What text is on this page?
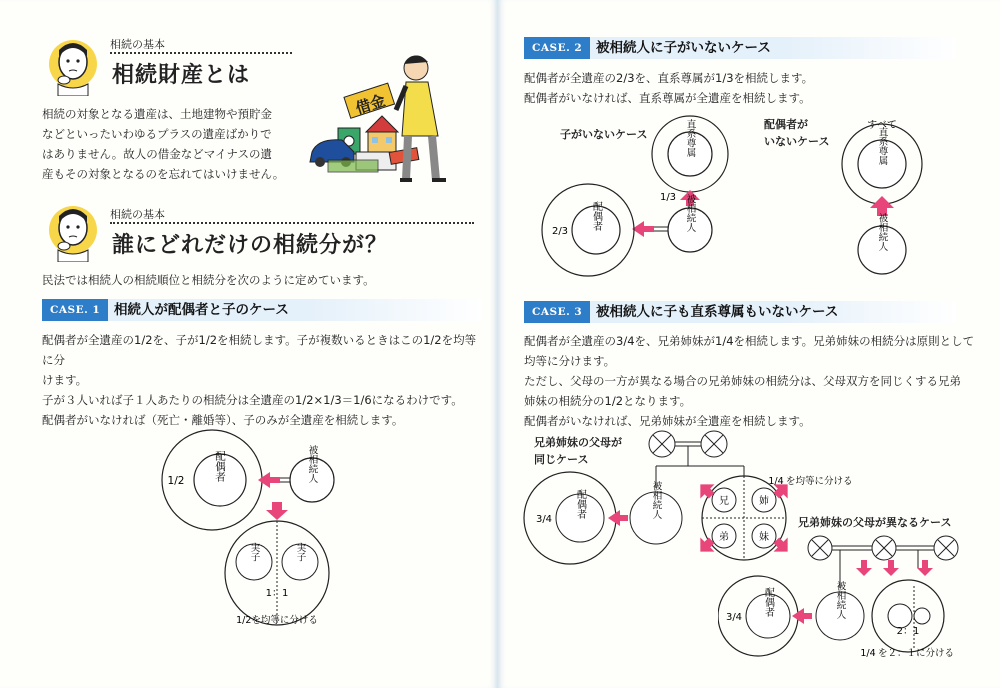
相続の基本
相続財産とは
相続の対象となる遺産は、土地建物や預貯金
などといったいわゆるプラスの遺産ばかりで
はありません。故人の借金などマイナスの遺
産もその対象となるのを忘れてはいけません。
借金
相続の基本
誰にどれだけの相続分が？
民法では相続人の相続順位と相続分を次のように定めています。
CASE. 1	相続人が配偶者と子のケース
配偶者が全遺産の1/2を、子が1/2を相続します。子が複数いるときはこの1/2を均等に分
けます。
子が３人いれば子１人あたりの相続分は全遺産の1/2×1/3＝1/6になるわけです。
配偶者がいなければ（死亡・離婚等）、子のみが全遺産を相続します。
配偶者
1/2	被相続人
実子	実子
1：1
1/2を均等に分ける
CASE. 2	被相続人に子がいないケース
配偶者が全遺産の2/3を、直系尊属が1/3を相続します。
配偶者がいなければ、直系尊属が全遺産を相続します。
子がいないケース	直系尊属
1/3 被相続人
配偶者
2/3
配偶者が
いないケース
すべて
直系尊属
被相続人
CASE. 3	被相続人に子も直系尊属もいないケース
配偶者が全遺産の3/4を、兄弟姉妹が1/4を相続します。兄弟姉妹の相続分は原則として
均等に分けます。
ただし、父母の一方が異なる場合の兄弟姉妹の相続分は、父母双方を同じくする兄弟
姉妹の相続分の1/2となります。
配偶者がいなければ、兄弟姉妹が全遺産を相続します。
兄弟姉妹の父母が
同じケース
被相続人
配偶者
3/4
兄	姉
弟	妹
1/4 を均等に分ける
兄弟姉妹の父母が異なるケース
被相続人
配偶者
3/4
2：1
1/4 を２：１に分ける
